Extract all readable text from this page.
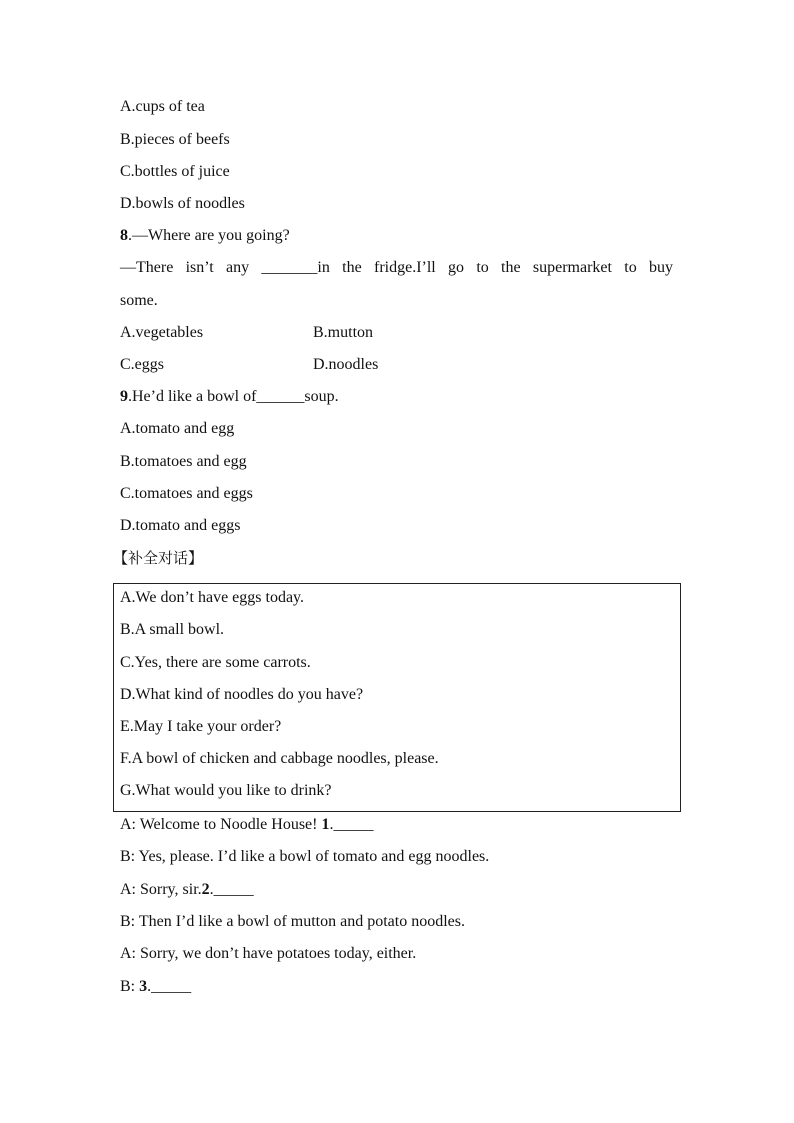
A.cups of tea
B.pieces of beefs
C.bottles of juice
D.bowls of noodles
8.—Where are you going?
—There isn’t any _______in the fridge.I’ll go to the supermarket to buy
some.
A.vegetables	B.mutton
C.eggs	D.noodles
9.He’d like a bowl of______soup.
A.tomato and egg
B.tomatoes and egg
C.tomatoes and eggs
D.tomato and eggs
【补全对话】
A.We don’t have eggs today.
B.A small bowl.
C.Yes, there are some carrots.
D.What kind of noodles do you have?
E.May I take your order?
F.A bowl of chicken and cabbage noodles, please.
G.What would you like to drink?
A: Welcome to Noodle House! 1._____
B: Yes, please. I’d like a bowl of tomato and egg noodles.
A: Sorry, sir.2._____
B: Then I’d like a bowl of mutton and potato noodles.
A: Sorry, we don’t have potatoes today, either.
B: 3._____
